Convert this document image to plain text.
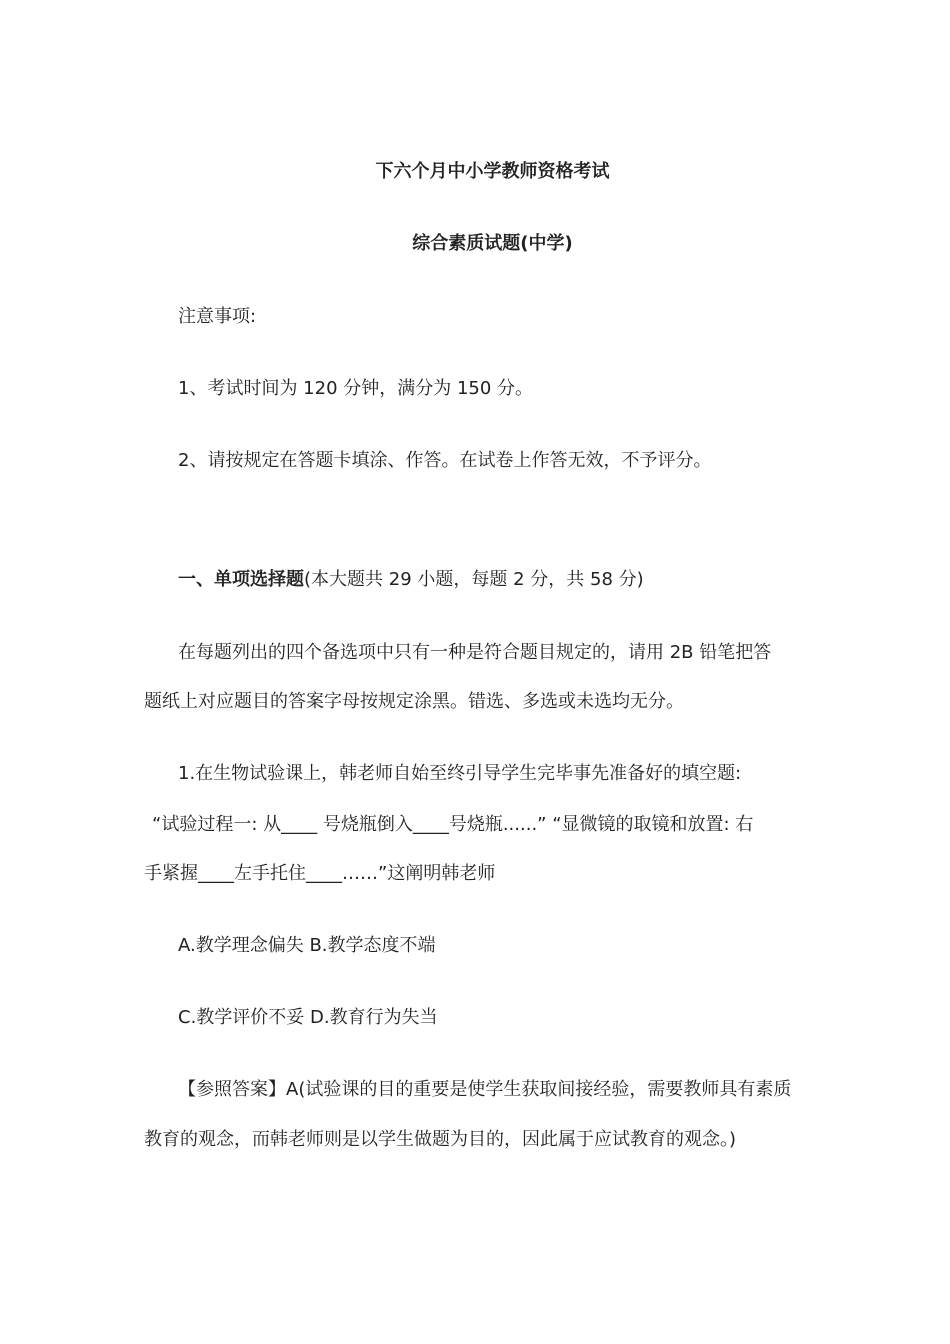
下六个月中小学教师资格考试
综合素质试题(中学)
注意事项:
1、考试时间为 120 分钟，满分为 150 分。
2、请按规定在答题卡填涂、作答。在试卷上作答无效，不予评分。
一、单项选择题(本大题共 29 小题，每题 2 分，共 58 分)
在每题列出的四个备选项中只有一种是符合题目规定的，请用 2B 铅笔把答
题纸上对应题目的答案字母按规定涂黑。错选、多选或未选均无分。
1.在生物试验课上，韩老师自始至终引导学生完毕事先准备好的填空题:
“试验过程一: 从____ 号烧瓶倒入____号烧瓶......” “显微镜的取镜和放置: 右
手紧握____左手托住____……”这阐明韩老师
A.教学理念偏失 B.教学态度不端
C.教学评价不妥 D.教育行为失当
【参照答案】A(试验课的目的重要是使学生获取间接经验，需要教师具有素质
教育的观念，而韩老师则是以学生做题为目的，因此属于应试教育的观念。)
